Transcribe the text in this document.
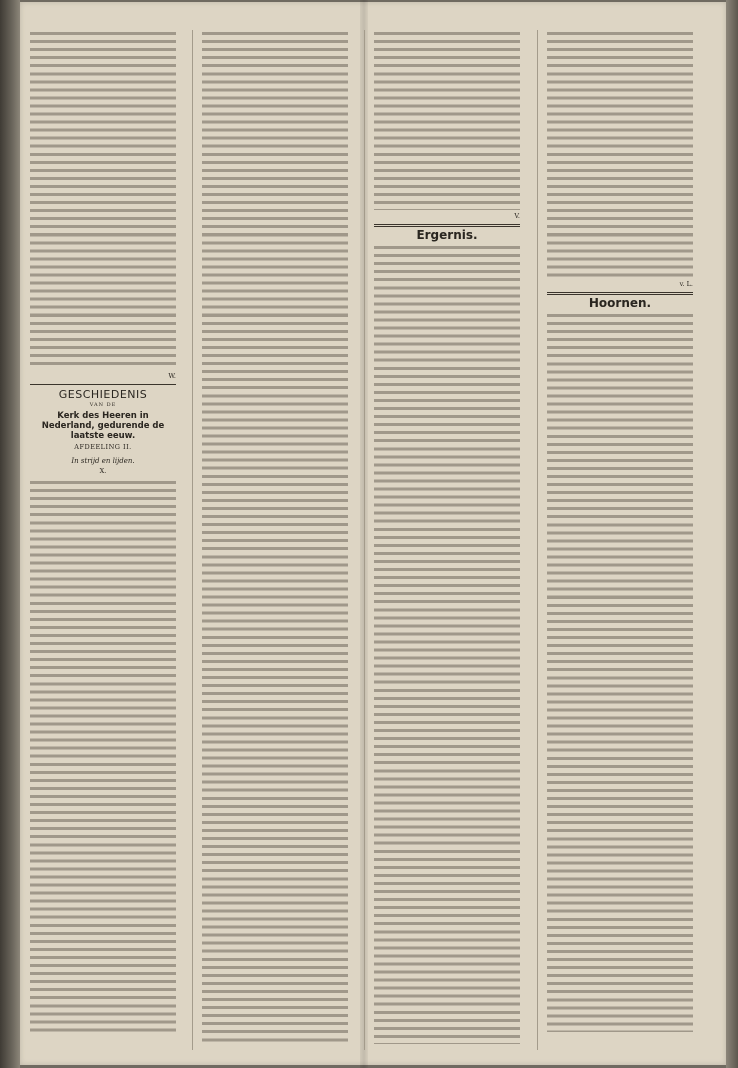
W.
GESCHIEDENIS
VAN DE
Kerk des Heeren in Nederland, gedurende de laatste eeuw.
AFDEELING II.
In strijd en lijden.
X.
V.
Ergernis.
v. L.
Hoornen.
